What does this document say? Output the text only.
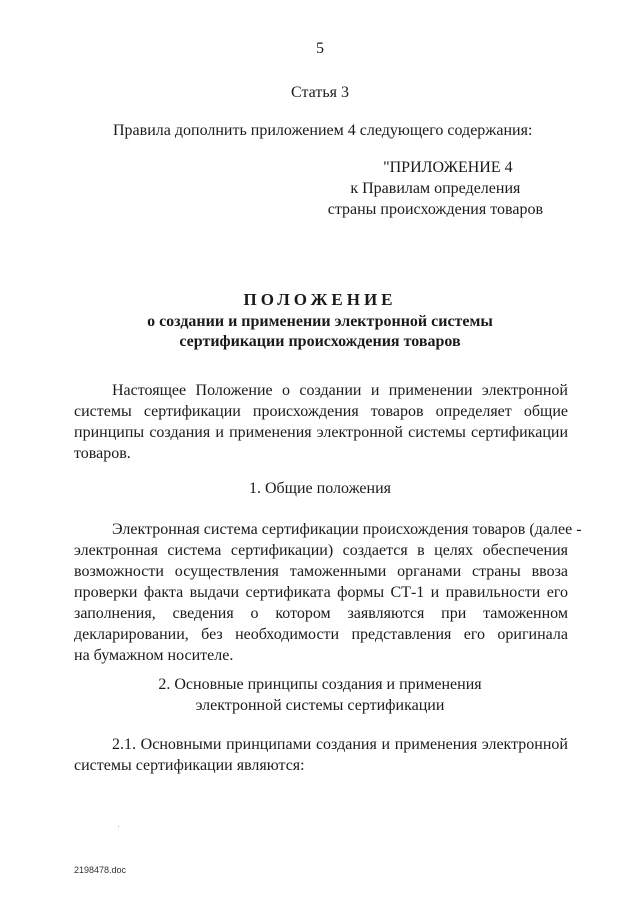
5
Статья 3
Правила дополнить приложением 4 следующего содержания:
"ПРИЛОЖЕНИЕ 4
к Правилам определения
страны происхождения товаров
ПОЛОЖЕНИЕ
о создании и применении электронной системы
сертификации происхождения товаров
Настоящее Положение о создании и применении электронной
системы сертификации происхождения товаров определяет общие
принципы создания и применения электронной системы сертификации
товаров.
1. Общие положения
Электронная система сертификации происхождения товаров (далее -
электронная система сертификации) создается в целях обеспечения
возможности осуществления таможенными органами страны ввоза
проверки факта выдачи сертификата формы СТ-1 и правильности его
заполнения, сведения о котором заявляются при таможенном
декларировании, без необходимости представления его оригинала
на бумажном носителе.
2. Основные принципы создания и применения
электронной системы сертификации
2.1. Основными принципами создания и применения электронной
системы сертификации являются:
2198478.doc
